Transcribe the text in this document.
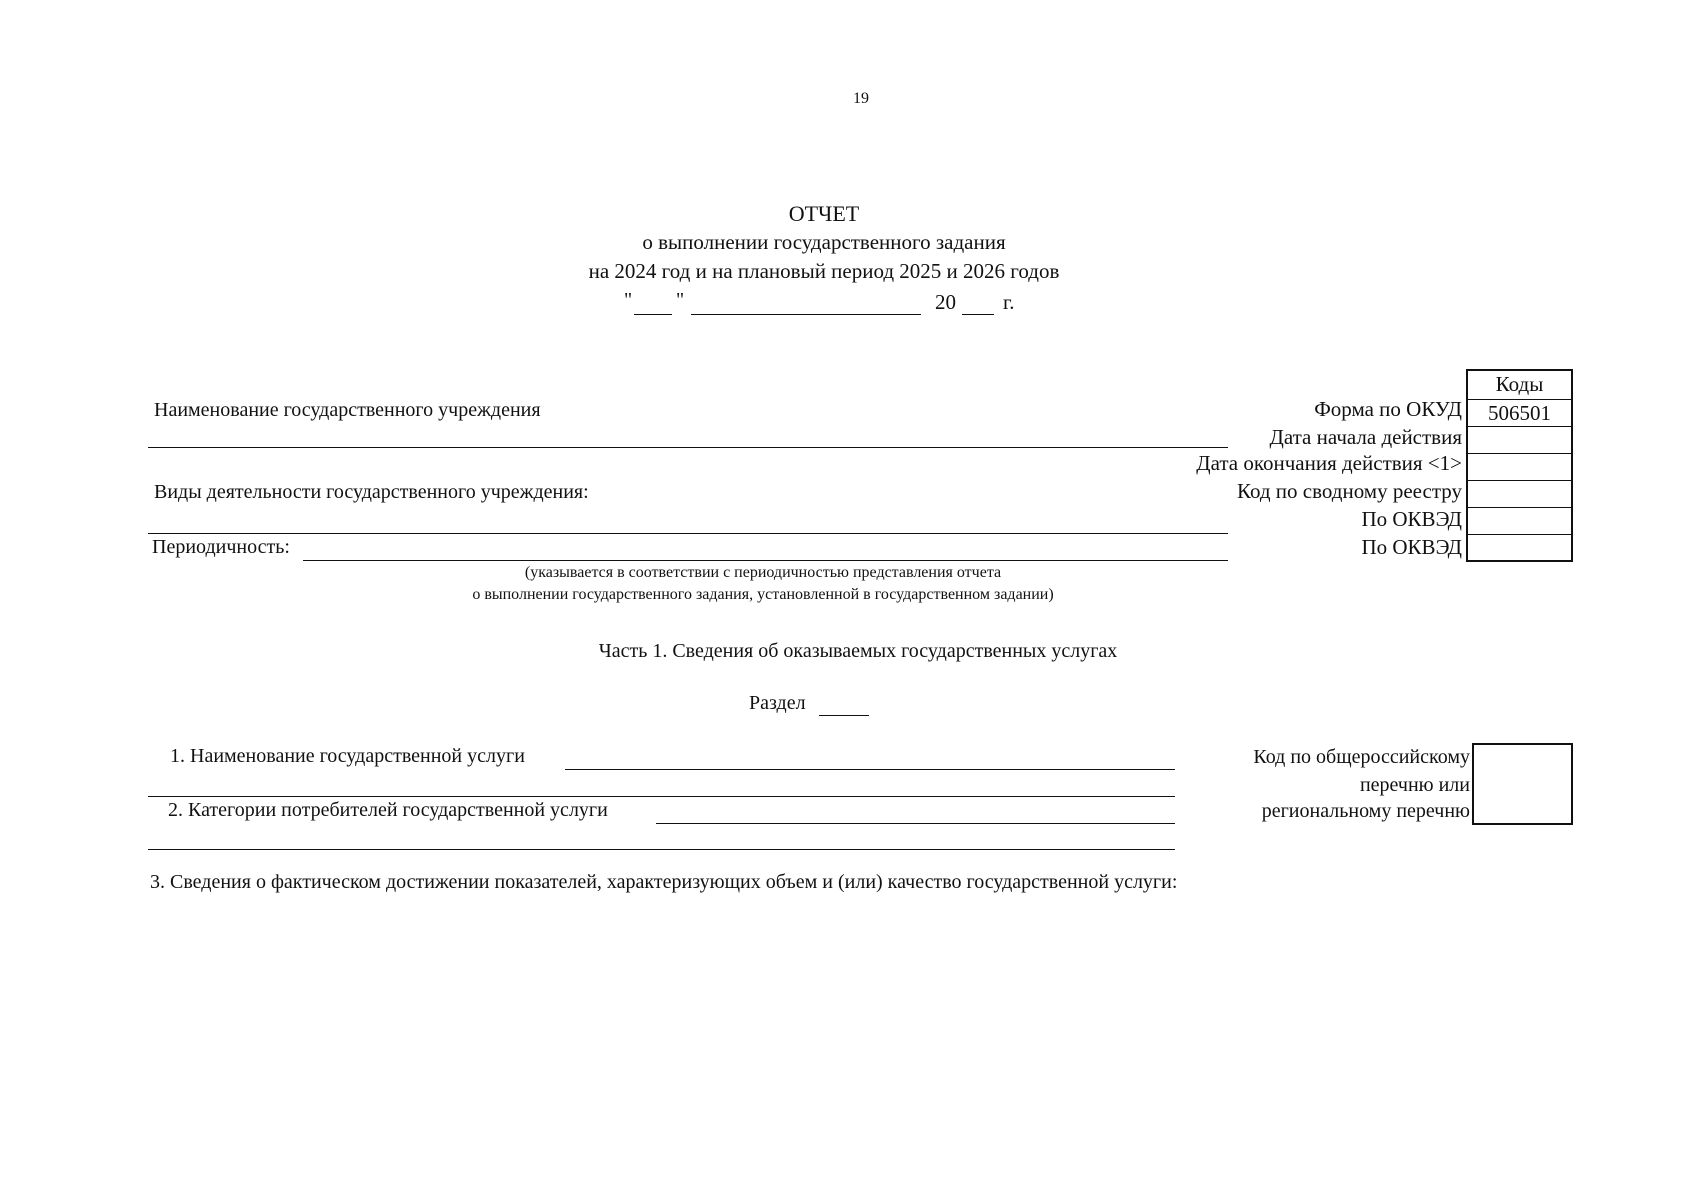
19
ОТЧЕТ
о выполнении государственного задания
на 2024 год и на плановый период 2025 и 2026 годов
" "	20 г.
Коды
506501
Форма по ОКУД
Дата начала действия
Дата окончания действия <1>
Код по сводному реестру
По ОКВЭД
По ОКВЭД
Наименование государственного учреждения
Виды деятельности государственного учреждения:
Периодичность:
(указывается в соответствии с периодичностью представления отчета
о выполнении государственного задания, установленной в государственном задании)
Часть 1. Сведения об оказываемых государственных услугах
Раздел
1. Наименование государственной услуги
2. Категории потребителей государственной услуги
Код по общероссийскому
перечню или
региональному перечню
3. Сведения о фактическом достижении показателей, характеризующих объем и (или) качество государственной услуги:
